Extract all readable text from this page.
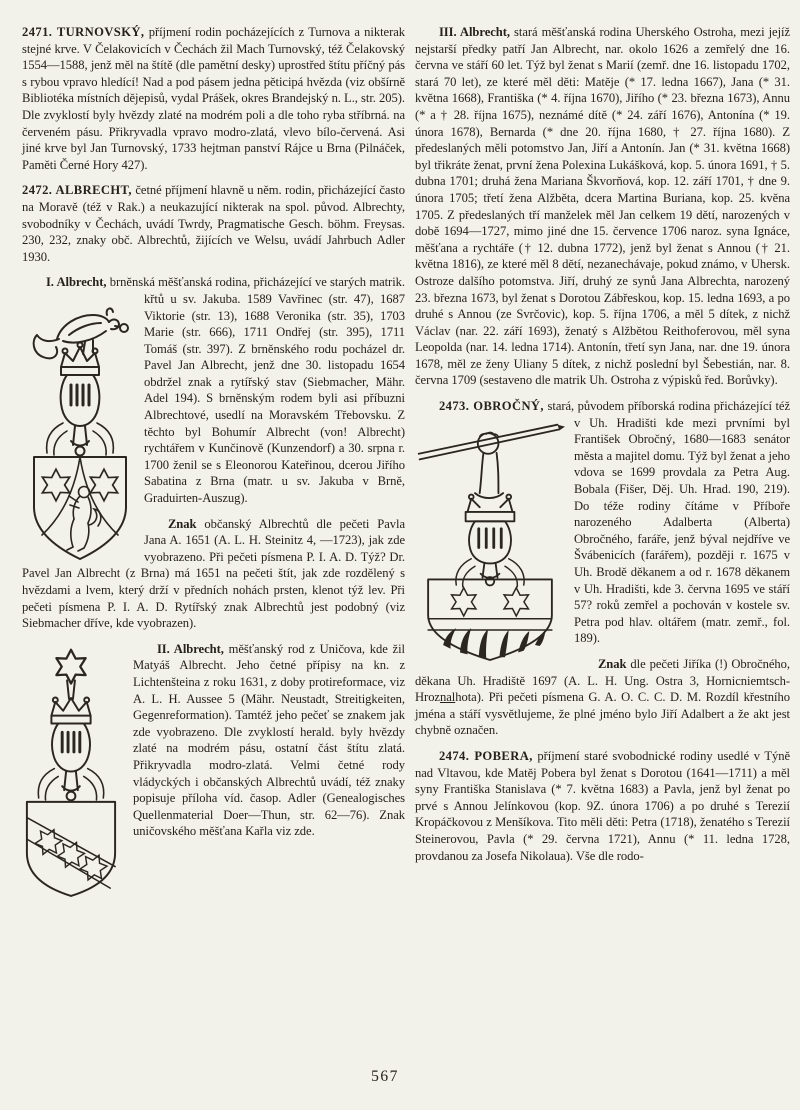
2471. TURNOVSKÝ, příjmení rodin pocházejících z Turnova a nikterak stejné krve. V Čelakovicích v Čechách žil Mach Turnovský, též Čelakovský 1554—1588, jenž měl na štítě (dle pamětní desky) uprostřed štítu příčný pás s rybou vpravo hledící! Nad a pod pásem jedna pěticipá hvězda (viz obšírně Bibliotéka místních dějepisů, vydal Prášek, okres Brandejský n. L., str. 205). Dle zvyklostí byly hvězdy zlaté na modrém poli a dle toho ryba stříbrná. na červeném pásu. Přikryvadla vpravo modro-zlatá, vlevo bílo-červená. Asi jiné krve byl Jan Turnovský, 1733 hejtman panství Rájce u Brna (Pilnáček, Paměti Černé Hory 427).

2472. ALBRECHT, četné příjmení hlavně u něm. rodin, přicházející často na Moravě (též v Rak.) a neukazující nikterak na spol. původ. Albrechty, svobodníky v Čechách, uvádí Twrdy, Pragmatische Gesch. böhm. Freysas. 230, 232, znaky obč. Albrechtů, žijících ve Welsu, uvádí Jahrbuch Adler 1930.

I. Albrecht, brněnská měšťanská rodina, přicházející
ve starých matrik. křtů u sv. Jakuba. 1589 Vavřinec (str. 47), 1687 Viktorie (str. 13), 1688 Veronika (str. 35), 1703 Marie (str. 666), 1711 Ondřej (str. 395), 1711 Tomáš (str. 397). Z brněnského rodu pocházel dr. Pavel Jan Albrecht, jenž dne 30. listopadu 1654 obdržel znak a rytířský stav (Siebmacher, Mähr. Adel 194). S brněnským rodem byli asi příbuzni Albrechtové, usedlí na Moravském Třebovsku. Z těchto byl Bohumír Albrecht (von! Albrecht) rychtářem v Kunčinově (Kunzendorf) a 30. srpna r. 1700 ženil se s Eleonorou Kateřinou, dcerou Jiřího Sabatina z Brna (matr. u sv. Jakuba v Brně, Graduirten-Auszug).

Znak občanský Albrechtů dle pečeti Pavla Jana A. 1651 (A. L. H. Steinitz 4, —1723), jak zde vyobrazeno. Při pečeti písmena P. I. A. D. Týž? Dr. Pavel Jan Albrecht (z Brna) má 1651 na pečeti štít, jak zde rozdělený s hvězdami a lvem, který drží v předních nohách prsten, klenot týž lev. Při pečeti písmena P. I. A. D. Rytířský znak Albrechtů jest podobný (viz Siebmacher dříve, kde vyobrazen).

II. Albrecht, měšťanský rod z Uničova, kde žil
Matyáš Albrecht. Jeho četné přípisy na kn. z Lichtenšteina z roku 1631, z doby protireformace, viz A. L. H. Aussee 5 (Mähr. Neustadt, Streitigkeiten, Gegenreformation). Tamtéž jeho pečeť se znakem jak zde vyobrazeno. Dle zvyklostí herald. byly hvězdy zlaté na modrém pásu, ostatní část štítu zlatá. Přikryvadla modro-zlatá. Velmi četné rody vládyckých i občanských Albrechtů uvádí, též znaky popisuje příloha víd. časop. Adler (Genealogisches Quellenmaterial Doer—Thun, str. 62—76). Znak uničovského měšťana Kařla viz zde.

III. Albrecht, stará měšťanská rodina Uherského Ostroha, mezi jejíž nejstarší předky patří Jan Albrecht, nar. okolo 1626 a zemřelý dne 16. června ve stáří 60 let. Týž byl ženat s Marií (zemř. dne 16. listopadu 1702, stará 70 let), ze které měl děti: Matěje (* 17. ledna 1667), Jana (* 31. května 1668), Františka (* 4. října 1670), Jiřího (* 23. března 1673), Annu (* a † 28. října 1675), neznámé dítě (* 24. září 1676), Antonína (* 19. února 1678), Bernarda (* dne 20. října 1680, † 27. října 1680). Z předeslaných měli potomstvo Jan, Jiří a Antonín. Jan (* 31. května 1668) byl třikráte ženat, první žena Polexina Lukášková, kop. 5. února 1691, † 5. dubna 1701; druhá žena Mariana Škvorňová, kop. 12. září 1701, † dne 9. února 1705; třetí žena Alžběta, dcera Martina Buriana, kop. 25. kvěna 1705. Z předeslaných tří manželek měl Jan celkem 19 dětí, narozených v době 1694—1727, mimo jiné dne 15. července 1706 naroz. syna Ignáce, měšťana a rychtáře († 12. dubna 1772), jenž byl ženat s Annou († 21. května 1816), ze které měl 8 dětí, nezanechávaje, pokud známo, v Uhersk. Ostroze dalšího potomstva. Jiří, druhý ze synů Jana Albrechta, narozený 23. března 1673, byl ženat s Dorotou Zábřeskou, kop. 15. ledna 1693, a po druhé s Annou (ze Svrčovic), kop. 5. října 1706, a měl 5 dítek, z nichž Václav (nar. 22. září 1693), ženatý s Alžbětou Reithoferovou, měl syna Leopolda (nar. 14. ledna 1714). Antonín, třetí syn Jana, nar. dne 19. února 1678, měl ze ženy Uliany 5 dítek, z nichž poslední byl Šebestián, nar. 8. června 1709 (sestaveno dle matrik Uh. Ostroha z výpisků řed. Borůvky).

2473. OBROČNÝ, stará, původem příborská rodina
přicházející též v Uh. Hradišti kde mezi prvními byl František Obročný, 1680—1683 senátor města a majitel domu. Týž byl ženat a jeho vdova se 1699 provdala za Petra Aug. Bobala (Fišer, Děj. Uh. Hrad. 190, 219). Do téže rodiny čítáme v Příboře narozeného Adalberta (Alberta) Obročného, faráře, jenž býval nejdříve ve Švábenicích (farářem), později r. 1675 v Uh. Brodě děkanem a od r. 1678 děkanem v Uh. Hradišti, kde 3. června 1695 ve stáří 57? roků zemřel a pochován v kostele sv. Petra pod hlav. oltářem (matr. zemř., fol. 189).

Znak dle pečeti Jiříka (!) Obročného, děkana Uh. Hradiště 1697 (A. L. H. Ung. Ostra 3, Hornicniemtsch-Hroznalhota). Při pečeti písmena G. A. O. C. C. D. M. Rozdíl křestního jména a stáří vysvětlujeme, že plné jméno bylo Jiří Adalbert a že akt jest chybně označen.

2474. POBERA, příjmení staré svobodnické rodiny usedlé v Týně nad Vltavou, kde Matěj Pobera byl ženat s Dorotou (1641—1711) a měl syny Františka Stanislava (* 7. května 1683) a Pavla, jenž byl ženat po prvé s Annou Jelínkovou (kop. 9Z. února 1706) a po druhé s Terezií Kropáčkovou z Menšíkova. Tito měli děti: Petra (1718), ženatého s Terezií Steinerovou, Pavla (* 29. června 1721), Annu (* 11. ledna 1728, provdanou za Josefa Nikolaua). Vše dle rodo-

567
